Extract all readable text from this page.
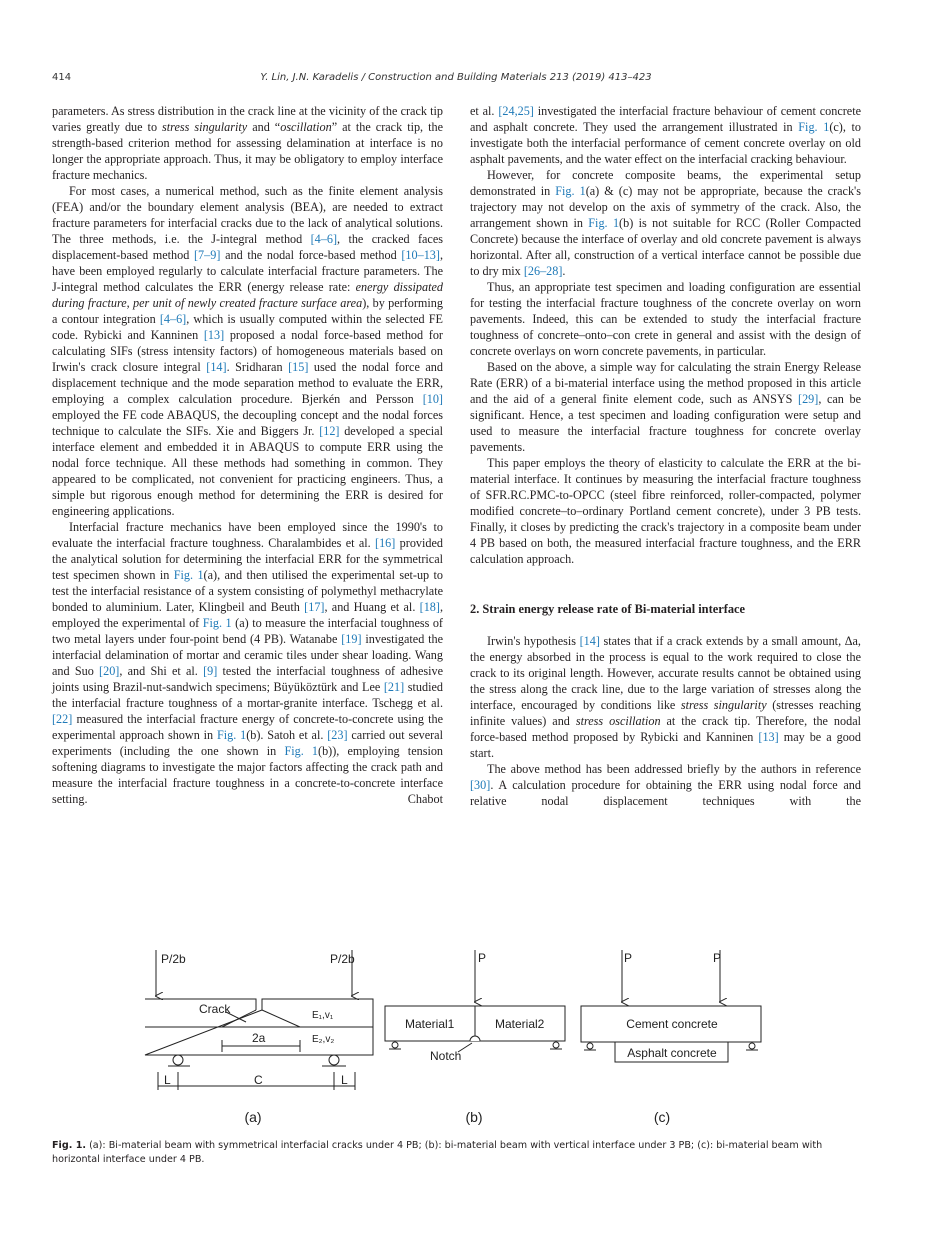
414	Y. Lin, J.N. Karadelis / Construction and Building Materials 213 (2019) 413–423

parameters. As stress distribution in the crack line at the vicinity of the crack tip varies greatly due to stress singularity and “oscillation” at the crack tip, the strength-based criterion method for assessing delamination at interface is no longer the appropriate approach. Thus, it may be obligatory to employ interface fracture mechanics.

For most cases, a numerical method, such as the finite element analysis (FEA) and/or the boundary element analysis (BEA), are needed to extract fracture parameters for interfacial cracks due to the lack of analytical solutions. The three methods, i.e. the J-integral method [4–6], the cracked faces displacement-based method [7–9] and the nodal force-based method [10–13], have been employed regularly to calculate interfacial fracture parameters. The J-integral method calculates the ERR (energy release rate: energy dissipated during fracture, per unit of newly created fracture surface area), by performing a contour integration [4–6], which is usually computed within the selected FE code. Rybicki and Kanninen [13] proposed a nodal force-based method for calculating SIFs (stress intensity factors) of homogeneous materials based on Irwin's crack closure integral [14]. Sridharan [15] used the nodal force and displacement technique and the mode separation method to evaluate the ERR, employing a complex calculation procedure. Bjerkén and Persson [10] employed the FE code ABAQUS, the decoupling concept and the nodal forces technique to calculate the SIFs. Xie and Biggers Jr. [12] developed a special interface element and embedded it in ABAQUS to compute ERR using the nodal force technique. All these methods had something in common. They appeared to be complicated, not convenient for practicing engineers. Thus, a simple but rigorous enough method for determining the ERR is desired for engineering applications.

Interfacial fracture mechanics have been employed since the 1990's to evaluate the interfacial fracture toughness. Charalambides et al. [16] provided the analytical solution for determining the interfacial ERR for the symmetrical test specimen shown in Fig. 1(a), and then utilised the experimental set-up to test the interfacial resistance of a system consisting of polymethyl methacrylate bonded to aluminium. Later, Klingbeil and Beuth [17], and Huang et al. [18], employed the experimental of Fig. 1 (a) to measure the interfacial toughness of two metal layers under four-point bend (4 PB). Watanabe [19] investigated the interfacial delamination of mortar and ceramic tiles under shear loading. Wang and Suo [20], and Shi et al. [9] tested the interfacial toughness of adhesive joints using Brazil-nut-sandwich specimens; Büyüköztürk and Lee [21] studied the interfacial fracture toughness of a mortar-granite interface. Tschegg et al. [22] measured the interfacial fracture energy of concrete-to-concrete using the experimental approach shown in Fig. 1(b). Satoh et al. [23] carried out several experiments (including the one shown in Fig. 1(b)), employing tension softening diagrams to investigate the major factors affecting the crack path and measure the interfacial fracture toughness in a concrete-to-concrete interface setting. Chabot

et al. [24,25] investigated the interfacial fracture behaviour of cement concrete and asphalt concrete. They used the arrangement illustrated in Fig. 1(c), to investigate both the interfacial performance of cement concrete overlay on old asphalt pavements, and the water effect on the interfacial cracking behaviour.

However, for concrete composite beams, the experimental setup demonstrated in Fig. 1(a) & (c) may not be appropriate, because the crack's trajectory may not develop on the axis of symmetry of the crack. Also, the arrangement shown in Fig. 1(b) is not suitable for RCC (Roller Compacted Concrete) because the interface of overlay and old concrete pavement is always horizontal. After all, construction of a vertical interface cannot be possible due to dry mix [26–28].

Thus, an appropriate test specimen and loading configuration are essential for testing the interfacial fracture toughness of the concrete overlay on worn pavements. Indeed, this can be extended to study the interfacial fracture toughness of concrete–onto–con crete in general and assist with the design of concrete overlays on worn concrete pavements, in particular.

Based on the above, a simple way for calculating the strain Energy Release Rate (ERR) of a bi-material interface using the method proposed in this article and the aid of a general finite element code, such as ANSYS [29], can be significant. Hence, a test specimen and loading configuration were setup and used to measure the interfacial fracture toughness for concrete overlay pavements.

This paper employs the theory of elasticity to calculate the ERR at the bi-material interface. It continues by measuring the interfacial fracture toughness of SFR.RC.PMC-to-OPCC (steel fibre reinforced, roller-compacted, polymer modified concrete–to–ordinary Portland cement concrete), under 3 PB tests. Finally, it closes by predicting the crack's trajectory in a composite beam under 4 PB based on both, the measured interfacial fracture toughness, and the ERR calculation approach.

2. Strain energy release rate of Bi-material interface

Irwin's hypothesis [14] states that if a crack extends by a small amount, Δa, the energy absorbed in the process is equal to the work required to close the crack to its original length. However, accurate results cannot be obtained using the stress along the crack line, due to the large variation of stresses along the interface, encouraged by conditions like stress singularity (stresses reaching infinite values) and stress oscillation at the crack tip. Therefore, the nodal force-based method proposed by Rybicki and Kanninen [13] may be a good start.

The above method has been addressed briefly by the authors in reference [30]. A calculation procedure for obtaining the ERR using nodal force and relative nodal displacement techniques with the

P/2b	P/2b
Crack	E₁,v₁
E₂,v₂
2a
L	C	L
(a)
P
Material1	Material2
Notch
(b)
P	P
Cement concrete
Asphalt concrete
(c)
Fig. 1. (a): Bi-material beam with symmetrical interfacial cracks under 4 PB; (b): bi-material beam with vertical interface under 3 PB; (c): bi-material beam with horizontal interface under 4 PB.
